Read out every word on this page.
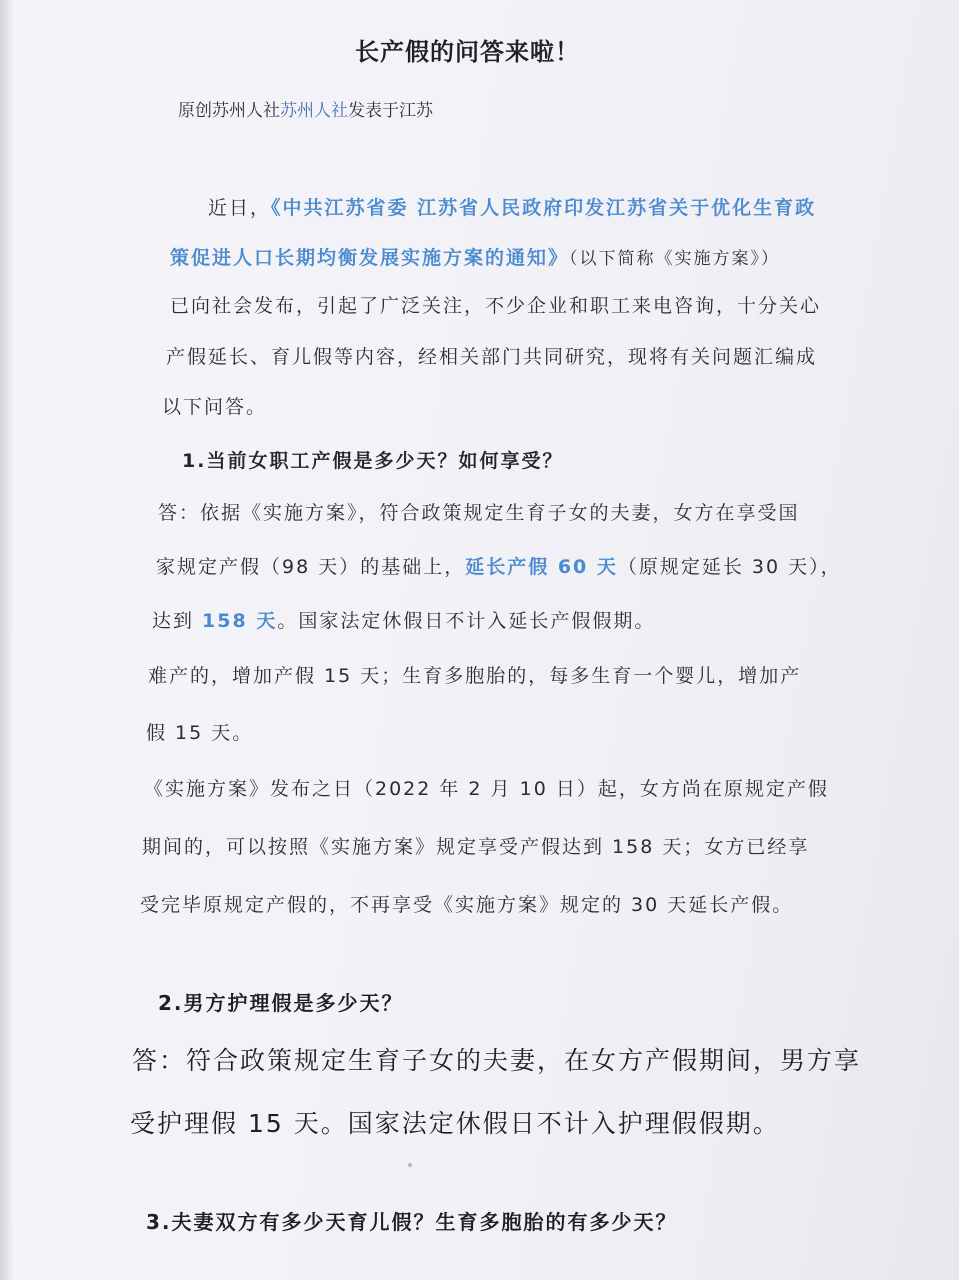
长产假的问答来啦！
原创苏州人社苏州人社发表于江苏
近日，《中共江苏省委 江苏省人民政府印发江苏省关于优化生育政
策促进人口长期均衡发展实施方案的通知》（以下简称《实施方案》）
已向社会发布，引起了广泛关注，不少企业和职工来电咨询，十分关心
产假延长、育儿假等内容，经相关部门共同研究，现将有关问题汇编成
以下问答。
1.当前女职工产假是多少天？如何享受？
答：依据《实施方案》，符合政策规定生育子女的夫妻，女方在享受国
家规定产假（98 天）的基础上，延长产假 60 天（原规定延长 30 天），
达到 158 天。国家法定休假日不计入延长产假假期。
难产的，增加产假 15 天；生育多胞胎的，每多生育一个婴儿，增加产
假 15 天。
《实施方案》发布之日（2022 年 2 月 10 日）起，女方尚在原规定产假
期间的，可以按照《实施方案》规定享受产假达到 158 天；女方已经享
受完毕原规定产假的，不再享受《实施方案》规定的 30 天延长产假。
2.男方护理假是多少天？
答：符合政策规定生育子女的夫妻，在女方产假期间，男方享
受护理假 15 天。国家法定休假日不计入护理假假期。
3.夫妻双方有多少天育儿假？生育多胞胎的有多少天？
